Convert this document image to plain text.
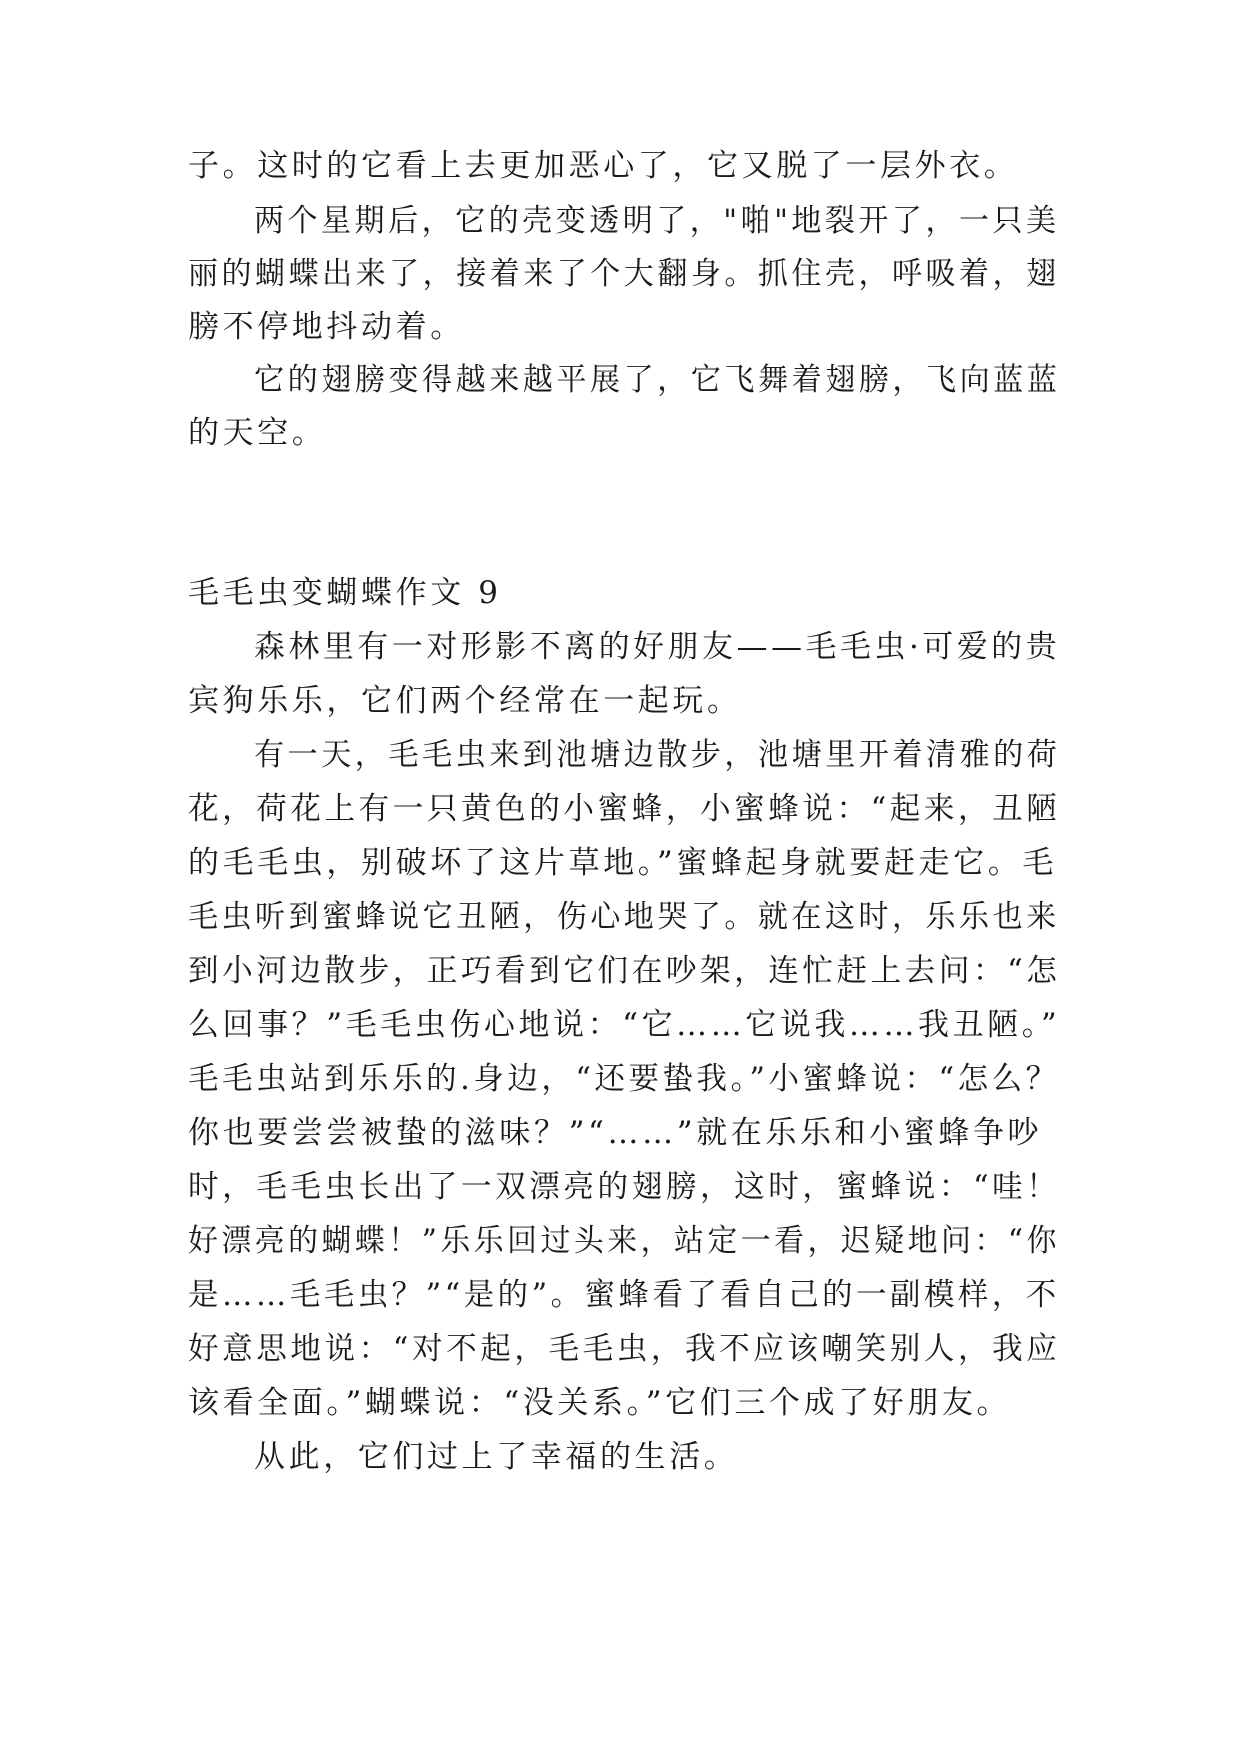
子。这时的它看上去更加恶心了，它又脱了一层外衣。
两个星期后，它的壳变透明了，"啪"地裂开了，一只美
丽的蝴蝶出来了，接着来了个大翻身。抓住壳，呼吸着，翅
膀不停地抖动着。
它的翅膀变得越来越平展了，它飞舞着翅膀，飞向蓝蓝
的天空。
毛毛虫变蝴蝶作文 9
森林里有一对形影不离的好朋友——毛毛虫·可爱的贵
宾狗乐乐，它们两个经常在一起玩。
有一天，毛毛虫来到池塘边散步，池塘里开着清雅的荷
花，荷花上有一只黄色的小蜜蜂，小蜜蜂说：“起来，丑陋
的毛毛虫，别破坏了这片草地。”蜜蜂起身就要赶走它。毛
毛虫听到蜜蜂说它丑陋，伤心地哭了。就在这时，乐乐也来
到小河边散步，正巧看到它们在吵架，连忙赶上去问：“怎
么回事？”毛毛虫伤心地说：“它……它说我……我丑陋。”
毛毛虫站到乐乐的.身边，“还要蛰我。”小蜜蜂说：“怎么？
你也要尝尝被蛰的滋味？”“……”就在乐乐和小蜜蜂争吵
时，毛毛虫长出了一双漂亮的翅膀，这时，蜜蜂说：“哇！
好漂亮的蝴蝶！”乐乐回过头来，站定一看，迟疑地问：“你
是……毛毛虫？”“是的”。蜜蜂看了看自己的一副模样，不
好意思地说：“对不起，毛毛虫，我不应该嘲笑别人，我应
该看全面。”蝴蝶说：“没关系。”它们三个成了好朋友。
从此，它们过上了幸福的生活。
